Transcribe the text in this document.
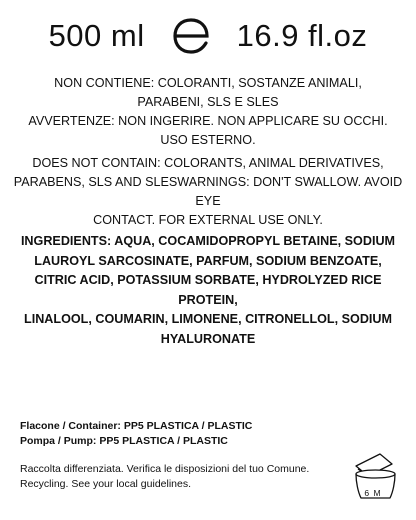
500 ml	16.9 fl.oz
NON CONTIENE: COLORANTI, SOSTANZE ANIMALI,
PARABENI, SLS E SLES
AVVERTENZE: NON INGERIRE. NON APPLICARE SU OCCHI.
USO ESTERNO.
DOES NOT CONTAIN: COLORANTS, ANIMAL DERIVATIVES,
PARABENS, SLS AND SLESWARNINGS: DON'T SWALLOW. AVOID EYE
CONTACT. FOR EXTERNAL USE ONLY.
INGREDIENTS: AQUA, COCAMIDOPROPYL BETAINE, SODIUM
LAUROYL SARCOSINATE, PARFUM, SODIUM BENZOATE,
CITRIC ACID, POTASSIUM SORBATE, HYDROLYZED RICE PROTEIN,
LINALOOL, COUMARIN, LIMONENE, CITRONELLOL, SODIUM
HYALURONATE
Flacone / Container: PP5 PLASTICA / PLASTIC
Pompa / Pump: PP5 PLASTICA / PLASTIC
Raccolta differenziata. Verifica le disposizioni del tuo Comune.
Recycling. See your local guidelines.
6 M
